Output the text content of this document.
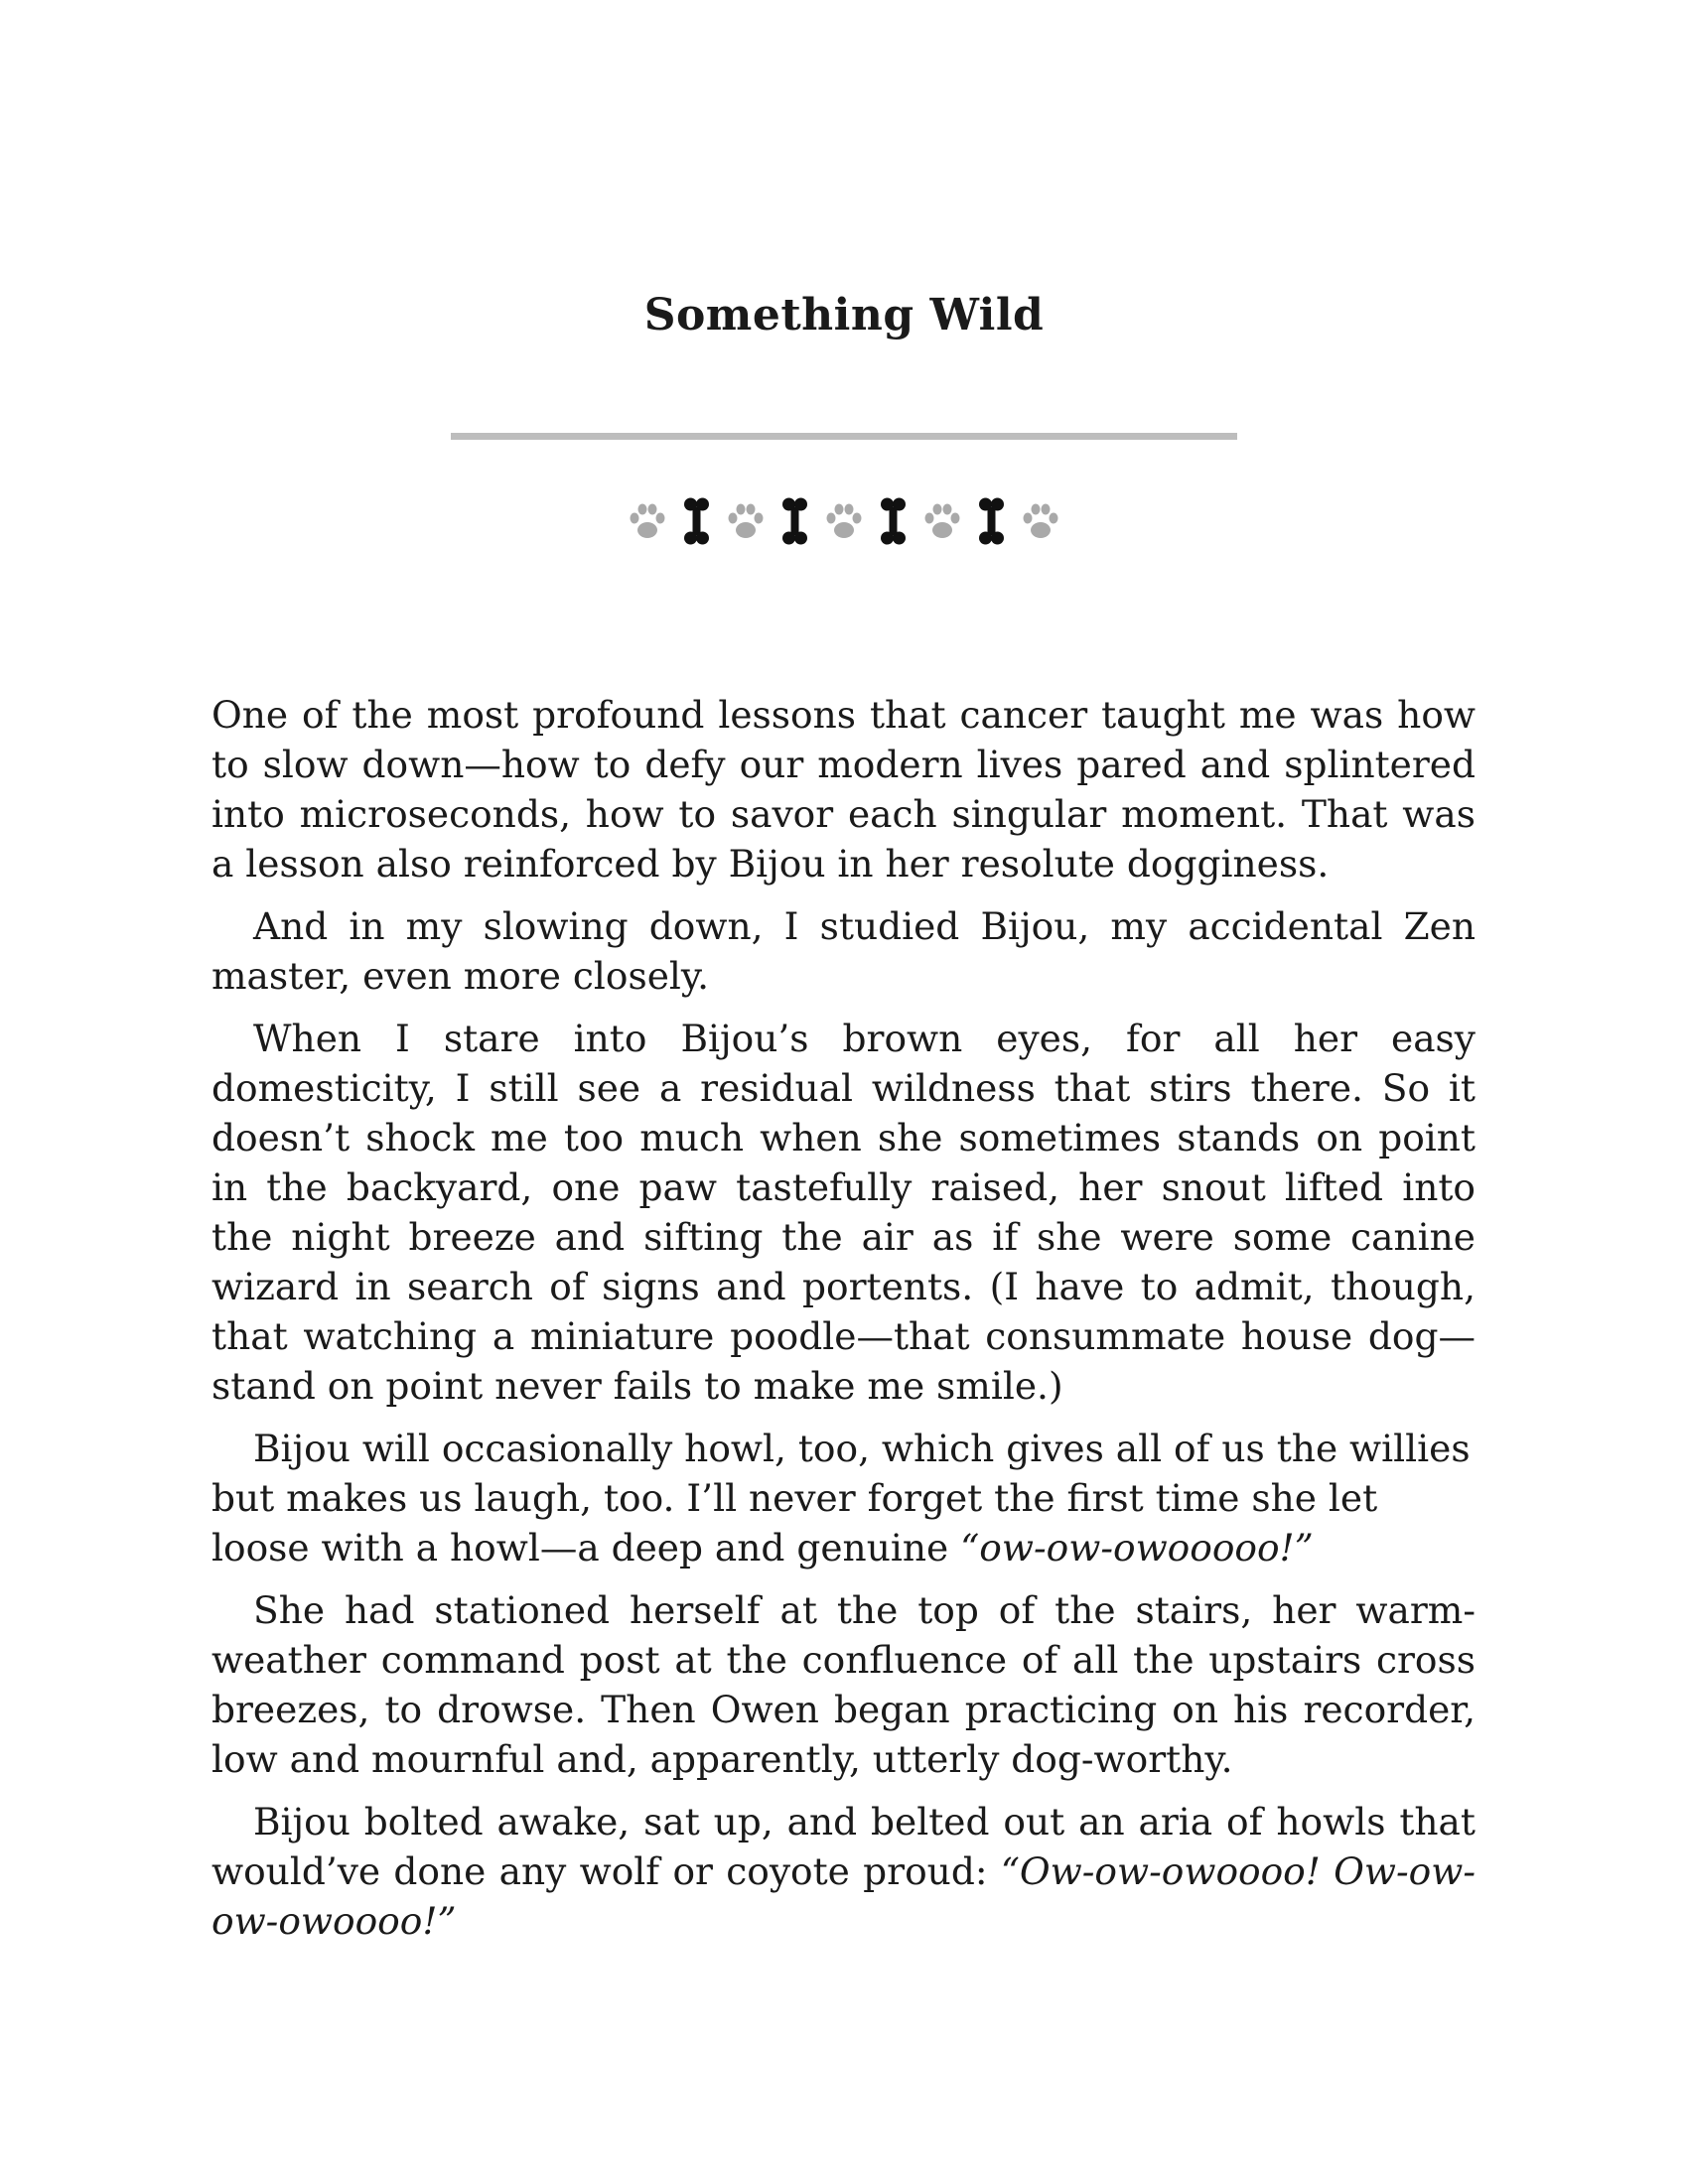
Something Wild

One of the most profound lessons that cancer taught me was how to slow down—how to defy our modern lives pared and splintered into microseconds, how to savor each singular moment. That was a lesson also reinforced by Bijou in her resolute dogginess.

And in my slowing down, I studied Bijou, my accidental Zen master, even more closely.

When I stare into Bijou’s brown eyes, for all her easy domesticity, I still see a residual wildness that stirs there. So it doesn’t shock me too much when she sometimes stands on point in the backyard, one paw tastefully raised, her snout lifted into the night breeze and sifting the air as if she were some canine wizard in search of signs and portents. (I have to admit, though, that watching a miniature poodle—that consummate house dog—stand on point never fails to make me smile.)

Bijou will occasionally howl, too, which gives all of us the willies but makes us laugh, too. I’ll never forget the first time she let loose with a howl—a deep and genuine “ow-ow-owooooo!”

She had stationed herself at the top of the stairs, her warm-weather command post at the confluence of all the upstairs cross breezes, to drowse. Then Owen began practicing on his recorder, low and mournful and, apparently, utterly dog-worthy.

Bijou bolted awake, sat up, and belted out an aria of howls that would’ve done any wolf or coyote proud: “Ow-ow-owoooo! Ow-ow-ow-owoooo!”
